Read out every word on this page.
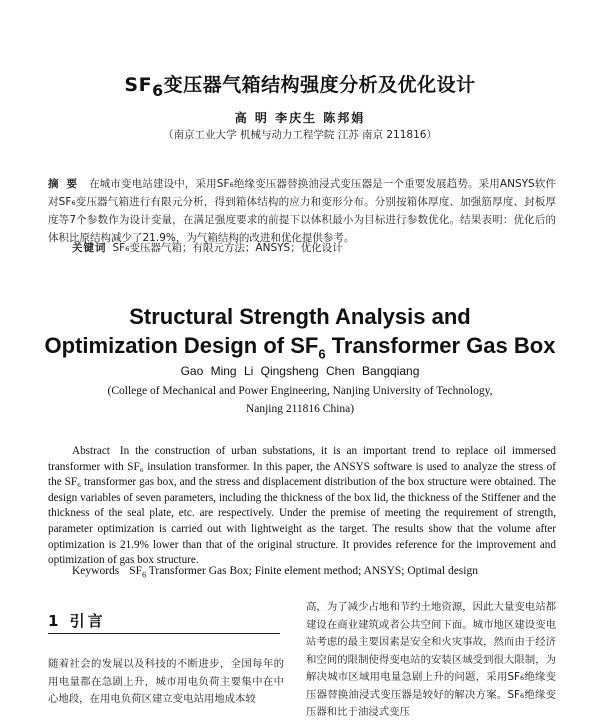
$SF_6$变压器气箱结构强度分析及优化设计
高 明 李庆生 陈邦娟
（南京工业大学 机械与动力工程学院 江苏 南京 211816）
摘 要 在城市变电站建设中，采用SF₆绝缘变压器替换油浸式变压器是一个重要发展趋势。采用ANSYS软件对SF₆变压器气箱进行有限元分析，得到箱体结构的应力和变形分布。分别按箱体厚度、加强筋厚度、封板厚度等7个参数作为设计变量，在满足强度要求的前提下以体积最小为目标进行参数优化。结果表明：优化后的体积比原结构减少了21.9%，为气箱结构的改进和优化提供参考。
关键词 SF₆变压器气箱；有限元方法；ANSYS；优化设计
Structural Strength Analysis and
Optimization Design of $SF_6$ Transformer Gas Box
Gao Ming Li Qingsheng Chen Bangqiang
(College of Mechanical and Power Engineering, Nanjing University of Technology,
Nanjing 211816 China)
Abstract In the construction of urban substations, it is an important trend to replace oil immersed transformer with SF₆ insulation transformer. In this paper, the ANSYS software is used to analyze the stress of the SF₆ transformer gas box, and the stress and displacement distribution of the box structure were obtained. The design variables of seven parameters, including the thickness of the box lid, the thickness of the Stiffener and the thickness of the seal plate, etc. are respectively. Under the premise of meeting the requirement of strength, parameter optimization is carried out with lightweight as the target. The results show that the volume after optimization is 21.9% lower than that of the original structure. It provides reference for the improvement and optimization of gas box structure.
Keywords $SF_6$ Transformer Gas Box; Finite element method; ANSYS; Optimal design
1 引言
随着社会的发展以及科技的不断进步，全国每年的用电量都在急剧上升，城市用电负荷主要集中在中心地段，在用电负荷区建立变电站用地成本较
高，为了减少占地和节约土地资源，因此大量变电站都建设在商业建筑或者公共空间下面。城市地区建设变电站考虑的最主要因素是安全和火灾事故，然而由于经济和空间的限制使得变电站的安装区域受到很大限制，为解决城市区域用电量急剧上升的问题，采用SF₆绝缘变压器替换油浸式变压器是较好的解决方案。SF₆绝缘变压器和比于油浸式变压
